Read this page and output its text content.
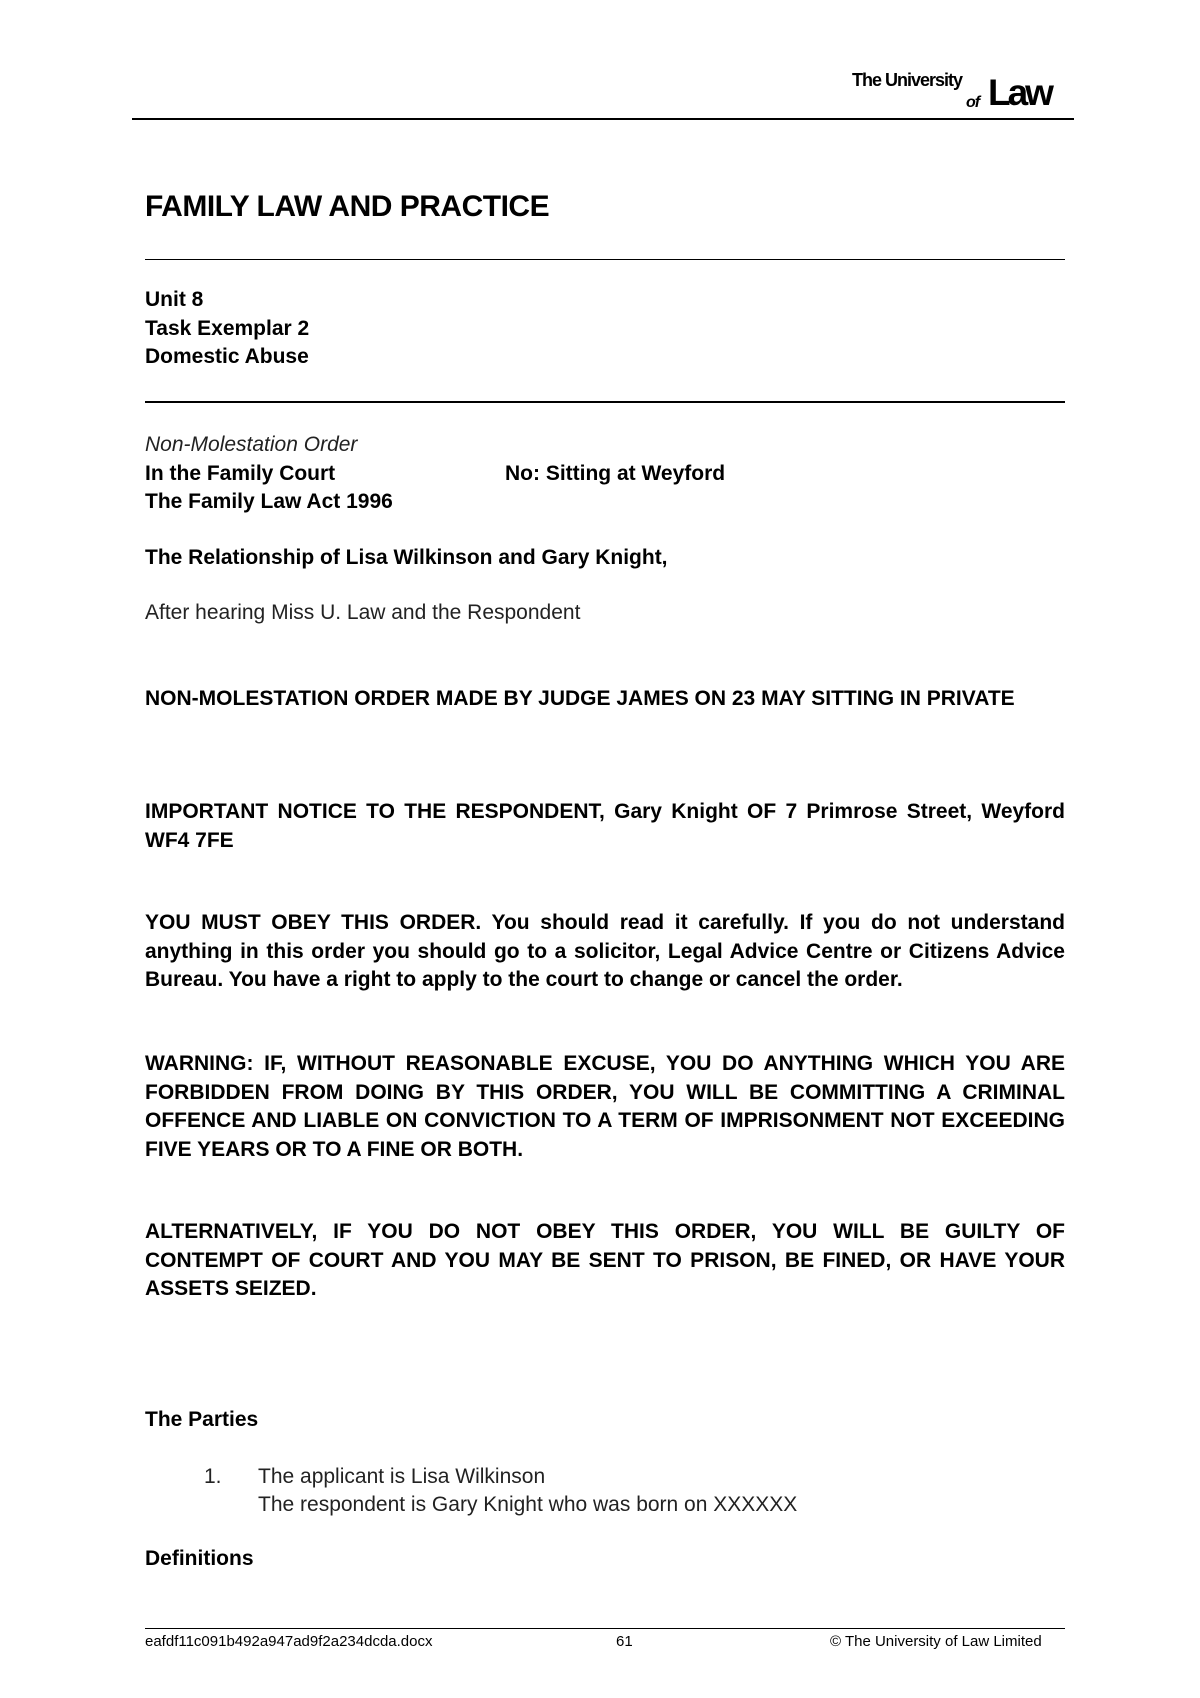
The University
of Law
FAMILY LAW AND PRACTICE
Unit 8
Task Exemplar 2
Domestic Abuse
Non-Molestation Order
In the Family Court	No: Sitting at Weyford
The Family Law Act 1996
The Relationship of Lisa Wilkinson and Gary Knight,
After hearing Miss U. Law and the Respondent
NON-MOLESTATION ORDER MADE BY JUDGE JAMES ON 23 MAY SITTING IN PRIVATE
IMPORTANT NOTICE TO THE RESPONDENT, Gary Knight OF 7 Primrose Street, Weyford WF4 7FE
YOU MUST OBEY THIS ORDER. You should read it carefully. If you do not understand anything in this order you should go to a solicitor, Legal Advice Centre or Citizens Advice Bureau. You have a right to apply to the court to change or cancel the order.
WARNING: IF, WITHOUT REASONABLE EXCUSE, YOU DO ANYTHING WHICH YOU ARE FORBIDDEN FROM DOING BY THIS ORDER, YOU WILL BE COMMITTING A CRIMINAL OFFENCE AND LIABLE ON CONVICTION TO A TERM OF IMPRISONMENT NOT EXCEEDING FIVE YEARS OR TO A FINE OR BOTH.
ALTERNATIVELY, IF YOU DO NOT OBEY THIS ORDER, YOU WILL BE GUILTY OF CONTEMPT OF COURT AND YOU MAY BE SENT TO PRISON, BE FINED, OR HAVE YOUR ASSETS SEIZED.
The Parties
1. The applicant is Lisa Wilkinson
The respondent is Gary Knight who was born on XXXXXX
Definitions
eafdf11c091b492a947ad9f2a234dcda.docx	61	© The University of Law Limited
